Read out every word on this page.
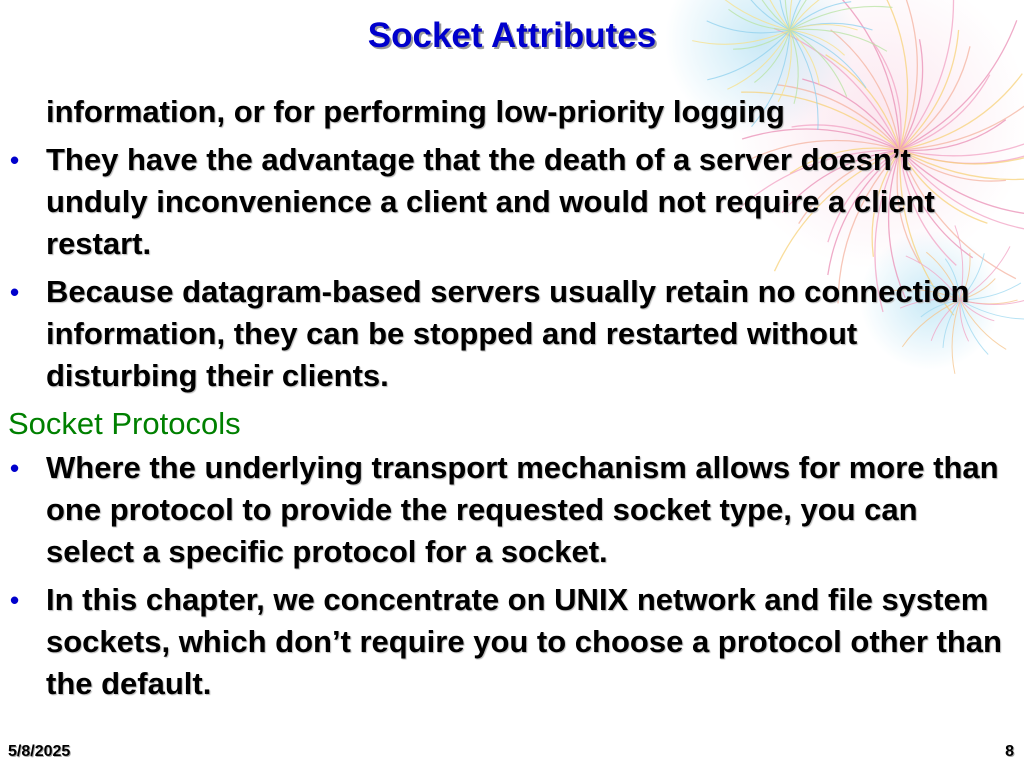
Socket Attributes
information, or for performing low-priority logging
• They have the advantage that the death of a server doesn’t unduly inconvenience a client and would not require a client restart.
• Because datagram-based servers usually retain no connection information, they can be stopped and restarted without disturbing their clients.
Socket Protocols
• Where the underlying transport mechanism allows for more than one protocol to provide the requested socket type, you can select a specific protocol for a socket.
• In this chapter, we concentrate on UNIX network and file system sockets, which don’t require you to choose a protocol other than the default.
5/8/2025	8
